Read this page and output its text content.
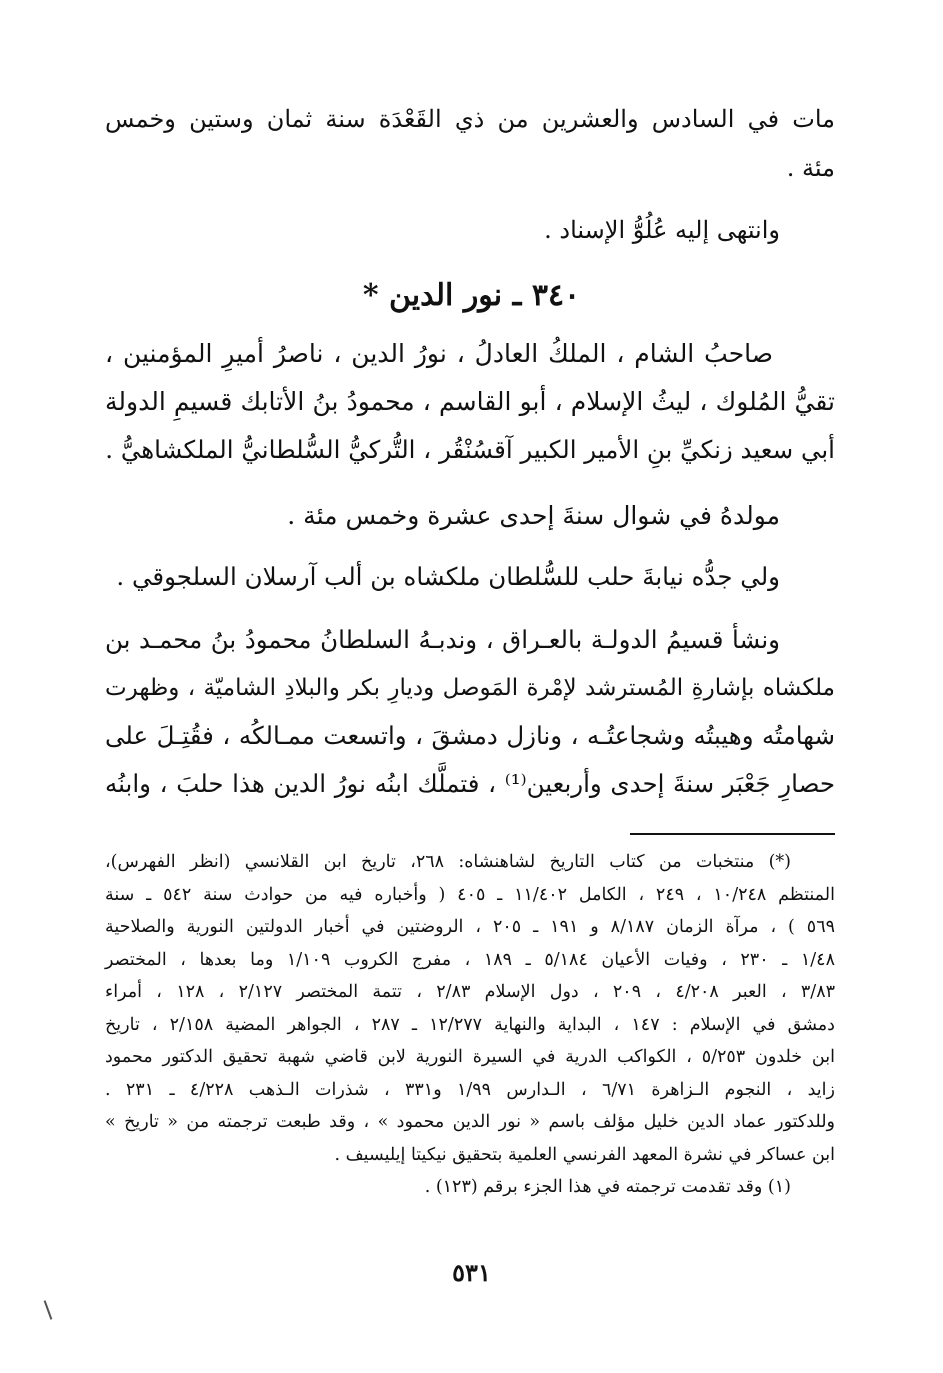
مات في السادس والعشرين من ذي القَعْدَة سنة ثمان وستين وخمس
مئة .
وانتهى إليه عُلُوُّ الإسناد .
٣٤٠ ـ نور الدين *
صاحبُ الشام ، الملكُ العادلُ ، نورُ الدين ، ناصرُ أميرِ المؤمنين ،
تقيُّ المُلوك ، ليثُ الإسلام ، أبو القاسم ، محمودُ بنُ الأتابك قسيمِ الدولة
أبي سعيد زنكيِّ بنِ الأمير الكبير آقسُنْقُر ، التُّركيُّ السُّلطانيُّ الملكشاهيُّ .
مولدهُ في شوال سنةَ إحدى عشرة وخمس مئة .
ولي جدُّه نيابةَ حلب للسُّلطان ملكشاه بن ألب آرسلان السلجوقي .
ونشأ قسيمُ الدولـة بالعـراق ، وندبـهُ السلطانُ محمودُ بنُ محمـد بن
ملكشاه بإشارةِ المُسترشد لإمْرة المَوصل وديارِ بكر والبلادِ الشاميّة ، وظهرت
شهامتُه وهيبتُه وشجاعتُـه ، ونازل دمشقَ ، واتسعت ممـالكُه ، فقُتِـلَ على
حصارِ جَعْبَر سنةَ إحدى وأربعين⁽¹⁾ ، فتملَّك ابنُه نورُ الدين هذا حلبَ ، وابنُه
(*) منتخبات من كتاب التاريخ لشاهنشاه: ٢٦٨، تاريخ ابن القلانسي (انظر الفهرس)،
المنتظم ١٠/٢٤٨ ، ٢٤٩ ، الكامل ١١/٤٠٢ ـ ٤٠٥ ( وأخباره فيه من حوادث سنة ٥٤٢ ـ سنة
٥٦٩ ) ، مرآة الزمان ٨/١٨٧ و ١٩١ ـ ٢٠٥ ، الروضتين في أخبار الدولتين النورية والصلاحية
١/٤٨ ـ ٢٣٠ ، وفيات الأعيان ٥/١٨٤ ـ ١٨٩ ، مفرج الكروب ١/١٠٩ وما بعدها ، المختصر
٣/٨٣ ، العبر ٤/٢٠٨ ، ٢٠٩ ، دول الإسلام ٢/٨٣ ، تتمة المختصر ٢/١٢٧ ، ١٢٨ ، أمراء
دمشق في الإسلام : ١٤٧ ، البداية والنهاية ١٢/٢٧٧ ـ ٢٨٧ ، الجواهر المضية ٢/١٥٨ ، تاريخ
ابن خلدون ٥/٢٥٣ ، الكواكب الدرية في السيرة النورية لابن قاضي شهبة تحقيق الدكتور محمود
زايد ، النجوم الـزاهرة ٦/٧١ ، الـدارس ١/٩٩ و٣٣١ ، شذرات الـذهب ٤/٢٢٨ ـ ٢٣١ .
وللدكتور عماد الدين خليل مؤلف باسم « نور الدين محمود » ، وقد طبعت ترجمته من « تاريخ »
ابن عساكر في نشرة المعهد الفرنسي العلمية بتحقيق نيكيتا إيليسيف .
(١) وقد تقدمت ترجمته في هذا الجزء برقم (١٢٣) .
٥٣١
